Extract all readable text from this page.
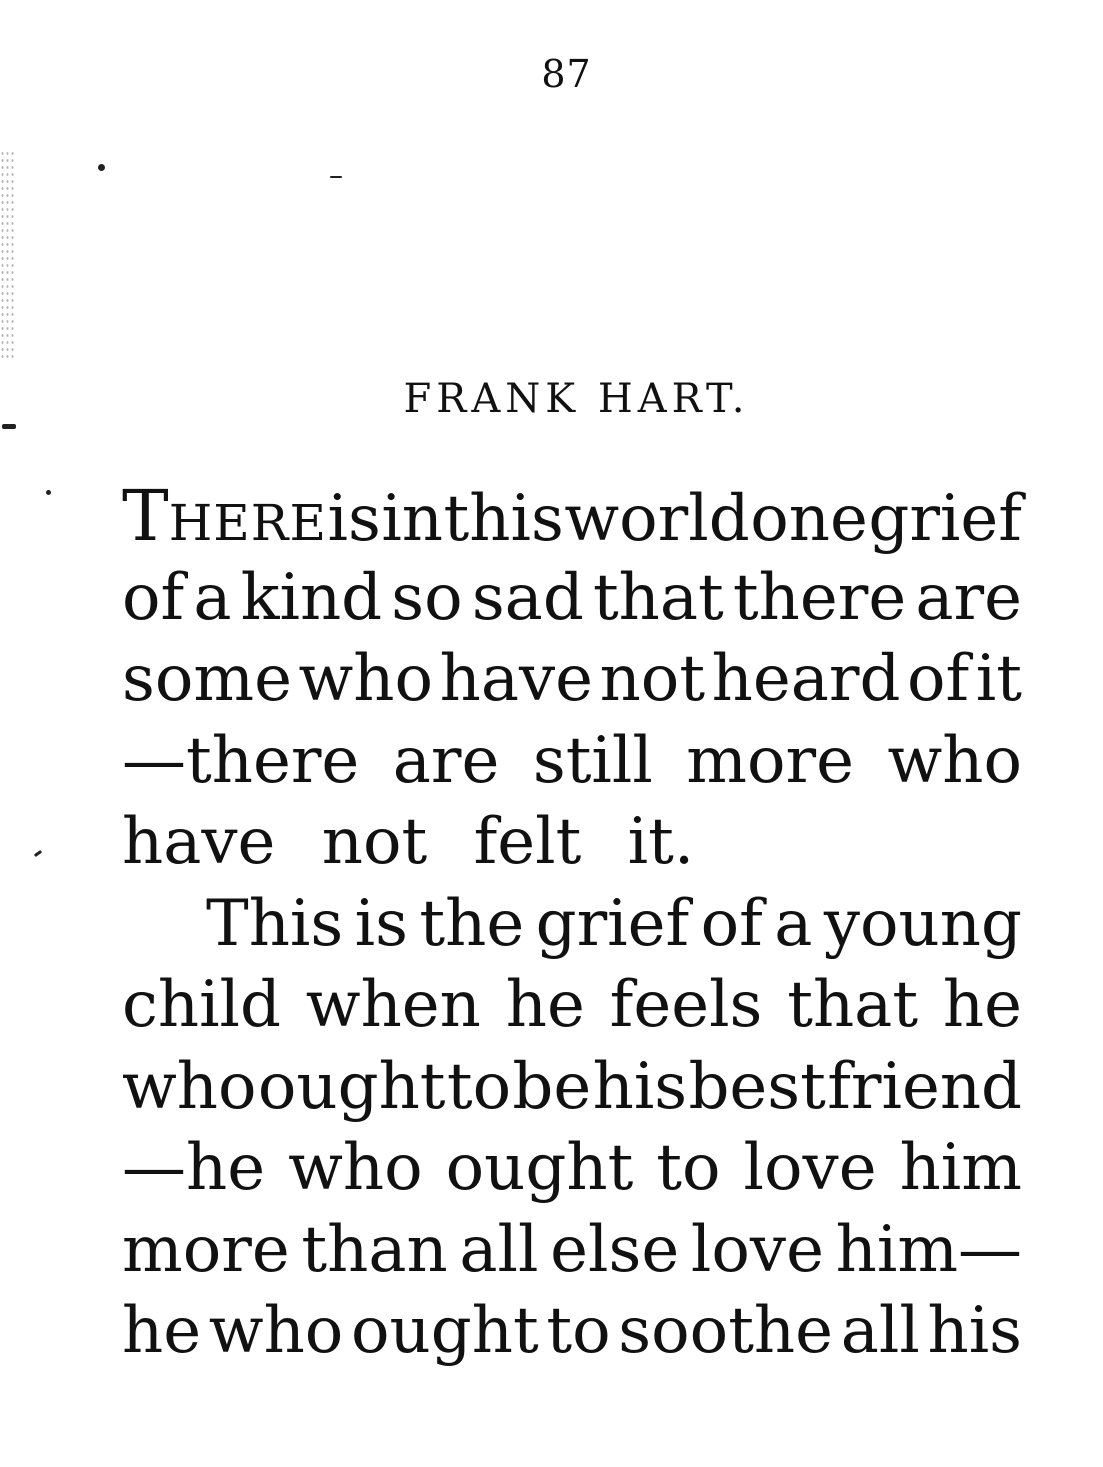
87
FRANK HART.
THERE is in this world one grief
of a kind so sad that there are
some who have not heard of it
—there are still more who
have not felt it.
This is the grief of a young
child when he feels that he
who ought to be his best friend
—he who ought to love him
more than all else love him—
he who ought to soothe all his
